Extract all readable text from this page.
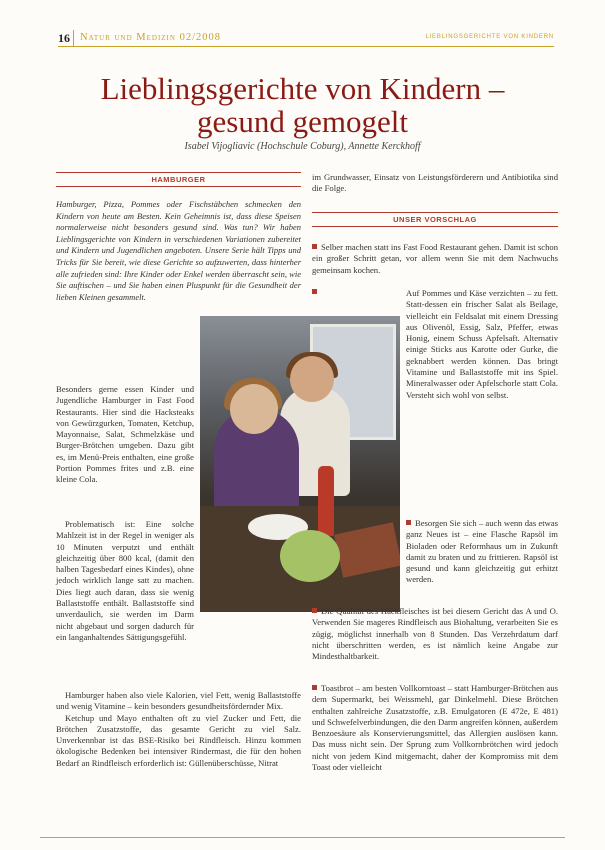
16 Natur und Medizin 02/2008	LIEBLINGSGERICHTE VON KINDERN
Lieblingsgerichte von Kindern –
gesund gemogelt
Isabel Vijogliavic (Hochschule Coburg), Annette Kerckhoff
HAMBURGER
Hamburger, Pizza, Pommes oder Fischstäbchen schmecken den Kindern von heute am Besten. Kein Geheimnis ist, dass diese Speisen normalerweise nicht besonders gesund sind. Was tun? Wir haben Lieblingsgerichte von Kindern in verschiedenen Variationen zubereitet und Kindern und Jugendlichen angeboten. Unsere Serie hält Tipps und Tricks für Sie bereit, wie diese Gerichte so aufzuwerten, dass hinterher alle zufrieden sind: Ihre Kinder oder Enkel werden überrascht sein, wie Sie auftischen – und Sie haben einen Pluspunkt für die Gesundheit der lieben Kleinen gesammelt.

Besonders gerne essen Kinder und Jugendliche Hamburger in Fast Food Restaurants. Hier sind die Hacksteaks von Gewürzgurken, Tomaten, Ketchup, Mayonnaise, Salat, Schmelzkäse und Burger-Brötchen umgeben. Dazu gibt es, im Menü-Preis enthalten, eine große Portion Pommes frites und z.B. eine kleine Cola.

Problematisch ist: Eine solche Mahlzeit ist in der Regel in weniger als 10 Minuten verputzt und enthält gleichzeitig über 800 kcal, (damit den halben Tagesbedarf eines Kindes), ohne jedoch wirklich lange satt zu machen. Dies liegt auch daran, dass sie wenig Ballaststoffe enthält. Ballaststoffe sind unverdaulich, sie werden im Darm nicht abgebaut und sorgen dadurch für ein langanhaltendes Sättigungsgefühl.

Hamburger haben also viele Kalorien, viel Fett, wenig Ballaststoffe und wenig Vitamine – kein besonders gesundheitsfördernder Mix.

Ketchup und Mayo enthalten oft zu viel Zucker und Fett, die Brötchen Zusatzstoffe, das gesamte Gericht zu viel Salz. Unverkennbar ist das BSE-Risiko bei Rindfleisch. Hinzu kommen ökologische Bedenken bei intensiver Rindermast, die für den hohen Bedarf an Rindfleisch erforderlich ist: Güllenüberschüsse, Nitrat

im Grundwasser, Einsatz von Leistungsförderern und Antibiotika sind die Folge.

UNSER VORSCHLAG

Selber machen statt ins Fast Food Restaurant gehen. Damit ist schon ein großer Schritt getan, vor allem wenn Sie mit dem Nachwuchs gemeinsam kochen.

Auf Pommes und Käse verzichten – zu fett. Statt-dessen ein frischer Salat als Beilage, vielleicht ein Feldsalat mit einem Dressing aus Olivenöl, Essig, Salz, Pfeffer, etwas Honig, einem Schuss Apfelsaft. Alternativ einige Sticks aus Karotte oder Gurke, die geknabbert werden können. Das bringt Vitamine und Ballaststoffe mit ins Spiel. Mineralwasser oder Apfelschorle statt Cola. Versteht sich wohl von selbst.

Besorgen Sie sich – auch wenn das etwas ganz Neues ist – eine Flasche Rapsöl im Bioladen oder Reformhaus um in Zukunft damit zu braten und zu frittieren. Rapsöl ist gesund und kann gleichzeitig gut erhitzt werden.

Die Qualität des Hackfleisches ist bei diesem Gericht das A und O. Verwenden Sie mageres Rindfleisch aus Biohaltung, verarbeiten Sie es zügig, möglichst innerhalb von 8 Stunden. Das Verzehrdatum darf nicht überschritten werden, es ist nämlich keine Angabe zur Mindesthaltbarkeit.

Toastbrot – am besten Vollkorntoast – statt Hamburger-Brötchen aus dem Supermarkt, bei Weissmehl, gar Dinkelmehl. Diese Brötchen enthalten zahlreiche Zusatzstoffe, z.B. Emulgatoren (E 472e, E 481) und Schwefelverbindungen, die den Darm angreifen können, außerdem Benzoesäure als Konservierungsmittel, das Allergien auslösen kann. Das muss nicht sein. Der Sprung zum Vollkornbrötchen wird jedoch nicht von jedem Kind mitgemacht, daher der Kompromiss mit dem Toast oder vielleicht
